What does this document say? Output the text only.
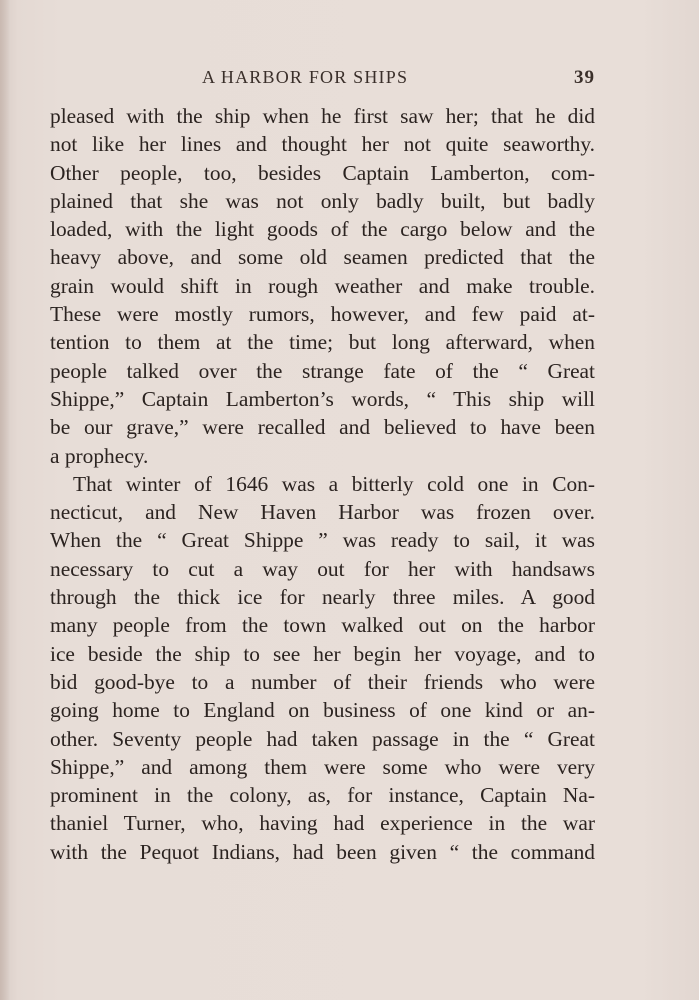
A HARBOR FOR SHIPS	39
pleased with the ship when he first saw her; that he did
not like her lines and thought her not quite seaworthy.
Other people, too, besides Captain Lamberton, com-
plained that she was not only badly built, but badly
loaded, with the light goods of the cargo below and the
heavy above, and some old seamen predicted that the
grain would shift in rough weather and make trouble.
These were mostly rumors, however, and few paid at-
tention to them at the time; but long afterward, when
people talked over the strange fate of the “ Great
Shippe,” Captain Lamberton’s words, “ This ship will
be our grave,” were recalled and believed to have been
a prophecy.
That winter of 1646 was a bitterly cold one in Con-
necticut, and New Haven Harbor was frozen over.
When the “ Great Shippe ” was ready to sail, it was
necessary to cut a way out for her with handsaws
through the thick ice for nearly three miles. A good
many people from the town walked out on the harbor
ice beside the ship to see her begin her voyage, and to
bid good-bye to a number of their friends who were
going home to England on business of one kind or an-
other. Seventy people had taken passage in the “ Great
Shippe,” and among them were some who were very
prominent in the colony, as, for instance, Captain Na-
thaniel Turner, who, having had experience in the war
with the Pequot Indians, had been given “ the command
